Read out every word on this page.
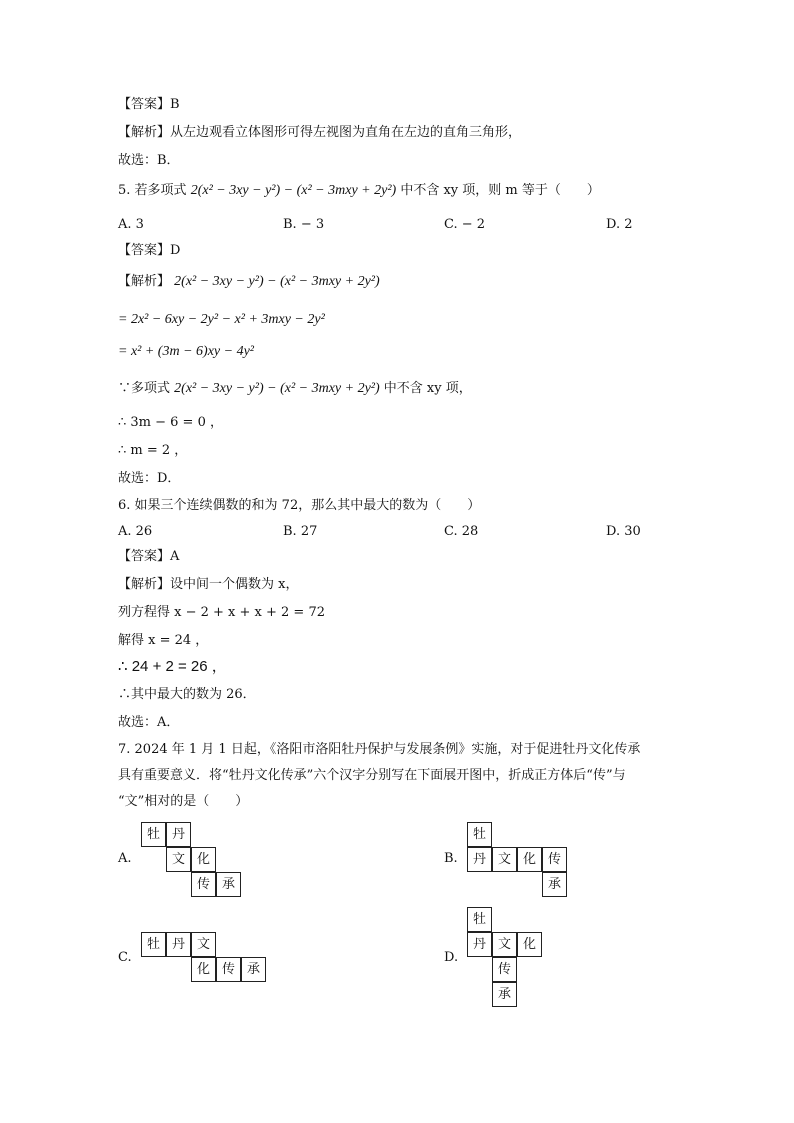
【答案】B
【解析】从左边观看立体图形可得左视图为直角在左边的直角三角形，
故选：B．
5. 若多项式 2(x² − 3xy − y²) − (x² − 3mxy + 2y²) 中不含 xy 项，则 m 等于（　　）
A. 3	B. − 3	C. − 2	D. 2
【答案】D
【解析】 2(x² − 3xy − y²) − (x² − 3mxy + 2y²)
= 2x² − 6xy − 2y² − x² + 3mxy − 2y²
= x² + (3m − 6)xy − 4y²
∵多项式 2(x² − 3xy − y²) − (x² − 3mxy + 2y²) 中不含 xy 项，
∴ 3m − 6 = 0 ，
∴ m = 2 ，
故选：D．
6. 如果三个连续偶数的和为 72，那么其中最大的数为（　　）
A. 26	B. 27	C. 28	D. 30
【答案】A
【解析】设中间一个偶数为 x，
列方程得 x − 2 + x + x + 2 = 72
解得 x = 24 ，
∴ 24 + 2 = 26 ，
∴其中最大的数为 26．
故选：A．
7. 2024 年 1 月 1 日起，《洛阳市洛阳牡丹保护与发展条例》实施，对于促进牡丹文化传承
具有重要意义．将“牡丹文化传承”六个汉字分别写在下面展开图中，折成正方体后“传”与
“文”相对的是（　　）
A.
牡 丹
文 化
传 承
B.
牡
丹 文 化 传
承
C.
牡 丹 文
化 传 承
D.
牡
丹 文 化
传
承
